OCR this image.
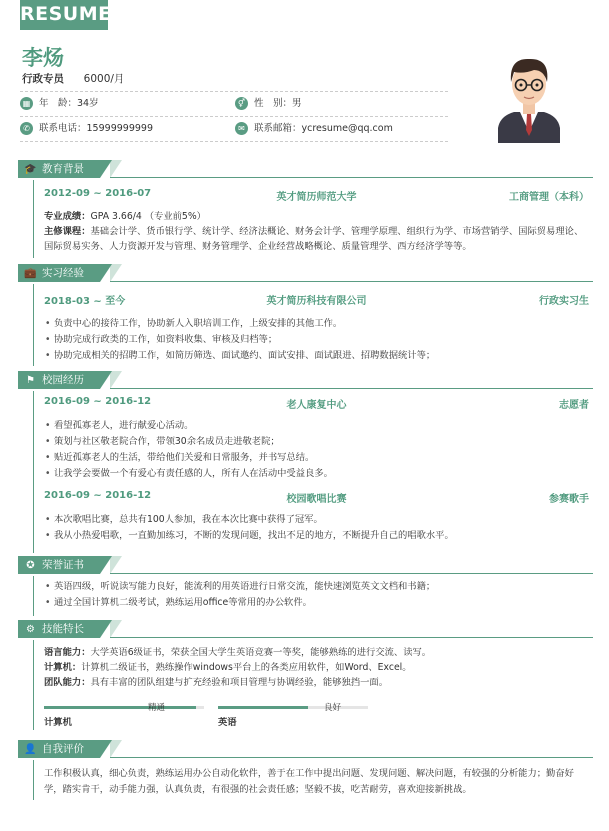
RESUME
李炀
行政专员 6000/月
▦ 年　龄：34岁	⚥ 性　别：男
✆ 联系电话：15999999999	✉ 联系邮箱：ycresume@qq.com
🎓 教育背景
2012-09 ~ 2016-07	英才简历师范大学	工商管理（本科）
专业成绩：GPA 3.66/4 （专业前5%）
主修课程：基础会计学、货币银行学、统计学、经济法概论、财务会计学、管理学原理、组织行为学、市场营销学、国际贸易理论、国际贸易实务、人力资源开发与管理、财务管理学、企业经营战略概论、质量管理学、西方经济学等等。
💼 实习经验
2018-03 ~ 至今	英才简历科技有限公司	行政实习生
• 负责中心的接待工作，协助新人入职培训工作，上级安排的其他工作。
• 协助完成行政类的工作，如资料收集、审核及归档等；
• 协助完成相关的招聘工作，如简历筛选、面试邀约、面试安排、面试跟进、招聘数据统计等；
⚑ 校园经历
2016-09 ~ 2016-12	老人康复中心	志愿者
• 看望孤寡老人，进行献爱心活动。
• 策划与社区敬老院合作，带领30余名成员走进敬老院；
• 贴近孤寡老人的生活，带给他们关爱和日常服务，并书写总结。
• 让我学会要做一个有爱心有责任感的人，所有人在活动中受益良多。
2016-09 ~ 2016-12	校园歌唱比赛	参赛歌手
• 本次歌唱比赛，总共有100人参加，我在本次比赛中获得了冠军。
• 我从小热爱唱歌，一直勤加练习，不断的发现问题，找出不足的地方，不断提升自己的唱歌水平。
✪ 荣誉证书
• 英语四级，听说读写能力良好，能流利的用英语进行日常交流，能快速浏览英文文档和书籍；
• 通过全国计算机二级考试，熟练运用office等常用的办公软件。
⚙ 技能特长
语言能力：大学英语6级证书，荣获全国大学生英语竞赛一等奖，能够熟练的进行交流、读写。
计算机：计算机二级证书，熟练操作windows平台上的各类应用软件，如Word、Excel。
团队能力：具有丰富的团队组建与扩充经验和项目管理与协调经验，能够独挡一面。
精通
计算机
良好
英语
👤 自我评价
工作积极认真，细心负责，熟练运用办公自动化软件，善于在工作中提出问题、发现问题、解决问题，有较强的分析能力；勤奋好学，踏实肯干，动手能力强，认真负责，有很强的社会责任感；坚毅不拔，吃苦耐劳，喜欢迎接新挑战。
